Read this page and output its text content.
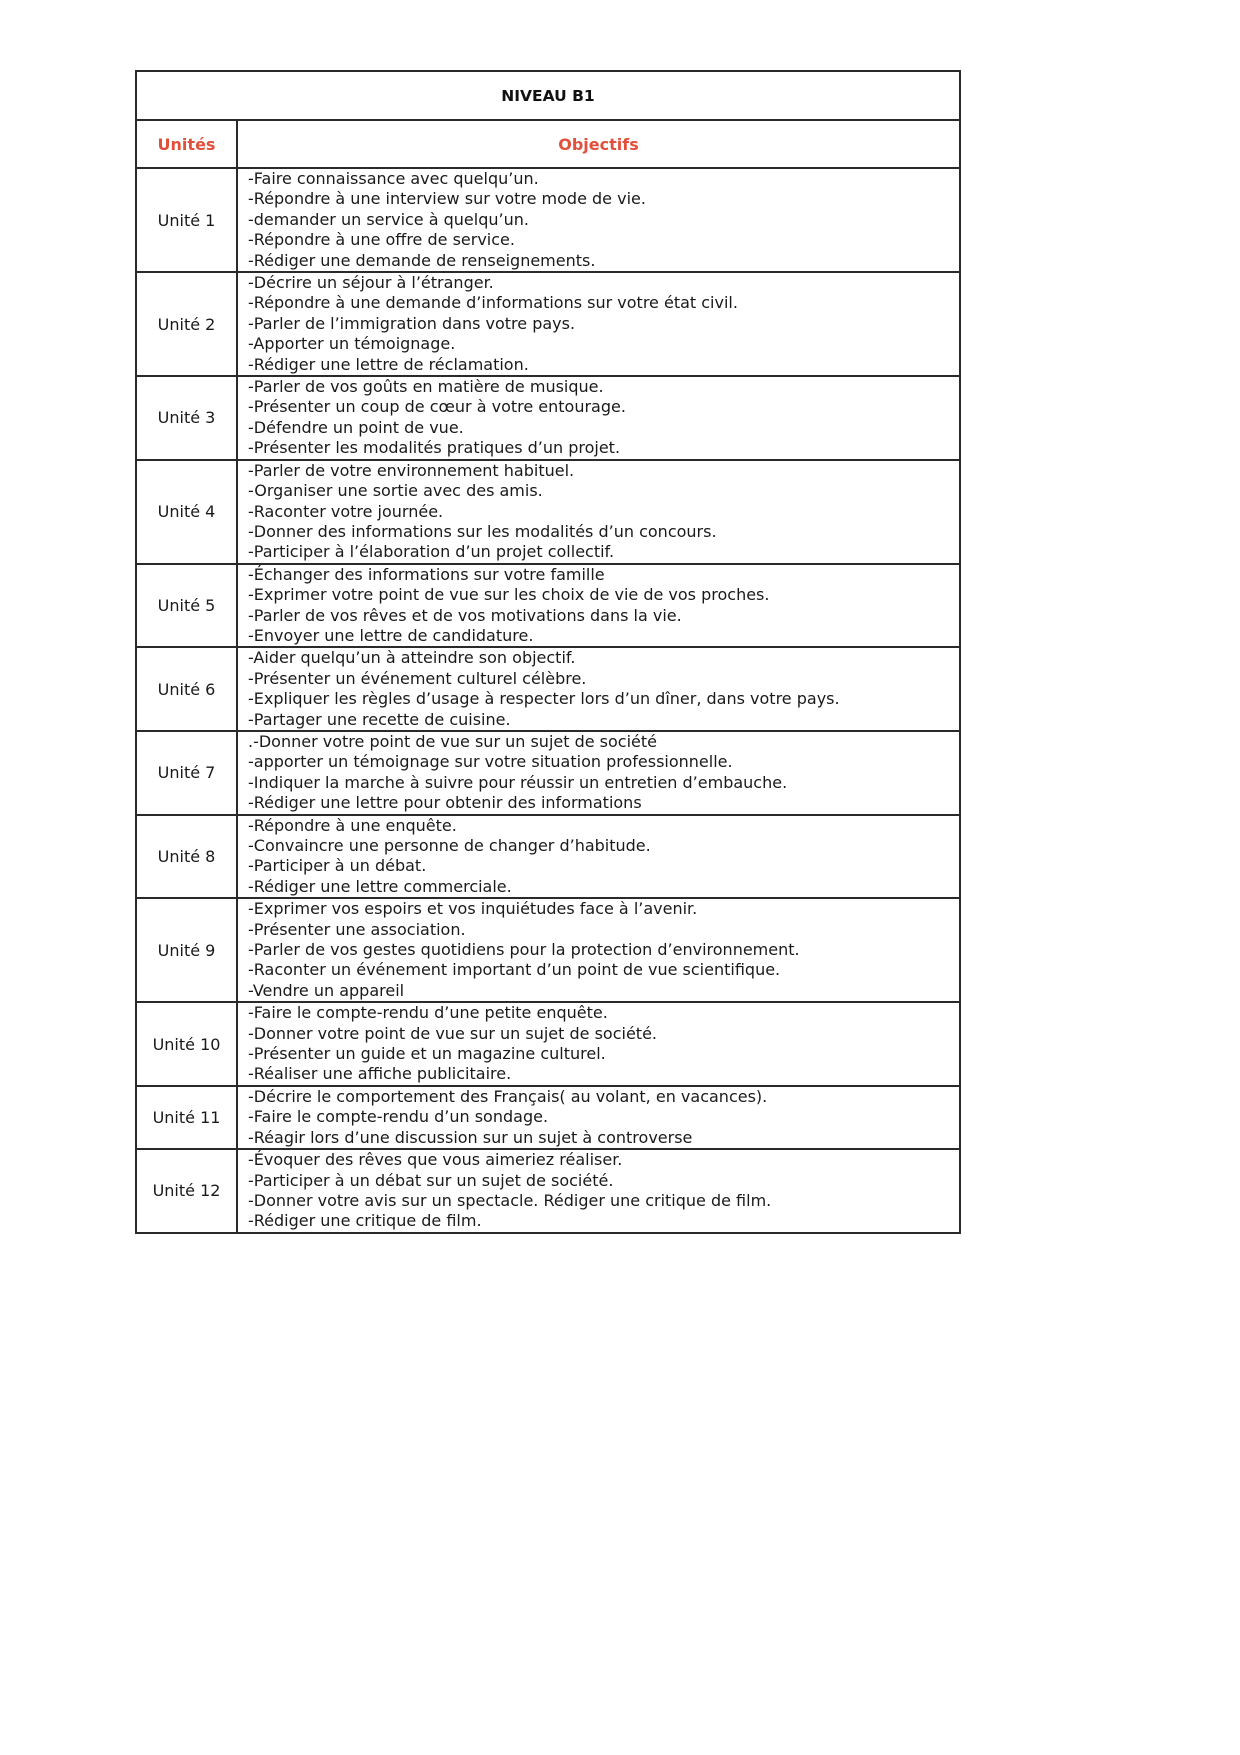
NIVEAU B1	
Unités	Objectifs
Unité 1	-Faire connaissance avec quelqu’un.
-Répondre à une interview sur votre mode de vie.
-demander un service à quelqu’un.
-Répondre à une offre de service.
-Rédiger une demande de renseignements.

Unité 2	-Décrire un séjour à l’étranger.
-Répondre à une demande d’informations sur votre état civil.
-Parler de l’immigration dans votre pays.
-Apporter un témoignage.
-Rédiger une lettre de réclamation.

Unité 3	-Parler de vos goûts en matière de musique.
-Présenter un coup de cœur à votre entourage.
-Défendre un point de vue.
-Présenter les modalités pratiques d’un projet.

Unité 4	-Parler de votre environnement habituel.
-Organiser une sortie avec des amis.
-Raconter votre journée.
-Donner des informations sur les modalités d’un concours.
-Participer à l’élaboration d’un projet collectif.

Unité 5	-Échanger des informations sur votre famille
-Exprimer votre point de vue sur les choix de vie de vos proches.
-Parler de vos rêves et de vos motivations dans la vie.
-Envoyer une lettre de candidature.

Unité 6	-Aider quelqu’un à atteindre son objectif.
-Présenter un événement culturel célèbre.
-Expliquer les règles d’usage à respecter lors d’un dîner, dans votre pays.
-Partager une recette de cuisine.

Unité 7	.-Donner votre point de vue sur un sujet de société
-apporter un témoignage sur votre situation professionnelle.
-Indiquer la marche à suivre pour réussir un entretien d’embauche.
-Rédiger une lettre pour obtenir des informations

Unité 8	-Répondre à une enquête.
-Convaincre une personne de changer d’habitude.
-Participer à un débat.
-Rédiger une lettre commerciale.

Unité 9	-Exprimer vos espoirs et vos inquiétudes face à l’avenir.
-Présenter une association.
-Parler de vos gestes quotidiens pour la protection d’environnement.
-Raconter un événement important d’un point de vue scientifique.
-Vendre un appareil

Unité 10	-Faire le compte-rendu d’une petite enquête.
-Donner votre point de vue sur un sujet de société.
-Présenter un guide et un magazine culturel.
-Réaliser une affiche publicitaire.

Unité 11	-Décrire le comportement des Français( au volant, en vacances).
-Faire le compte-rendu d’un sondage.
-Réagir lors d’une discussion sur un sujet à controverse

Unité 12	-Évoquer des rêves que vous aimeriez réaliser.
-Participer à un débat sur un sujet de société.
-Donner votre avis sur un spectacle. Rédiger une critique de film.
-Rédiger une critique de film.
